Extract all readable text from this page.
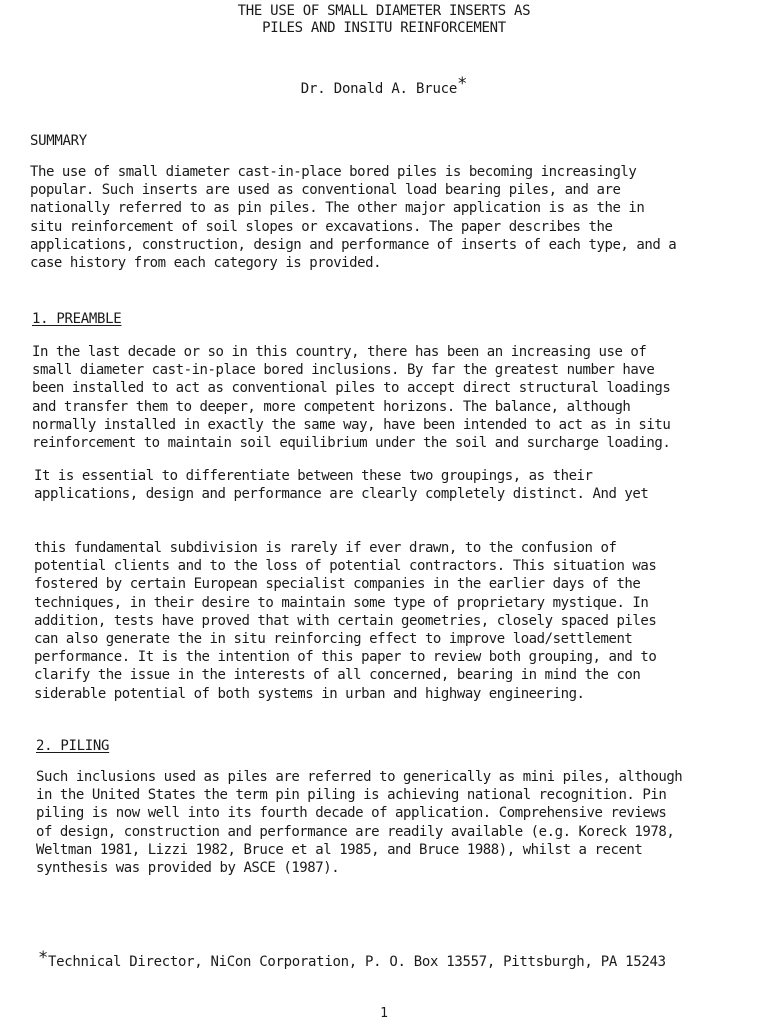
THE USE OF SMALL DIAMETER INSERTS AS
PILES AND INSITU REINFORCEMENT
Dr. Donald A. Bruce*
SUMMARY
The use of small diameter cast-in-place bored piles is becoming increasingly
popular. Such inserts are used as conventional load bearing piles, and are
nationally referred to as pin piles. The other major application is as the in
situ reinforcement of soil slopes or excavations. The paper describes the
applications, construction, design and performance of inserts of each type, and a
case history from each category is provided.
1. PREAMBLE
In the last decade or so in this country, there has been an increasing use of
small diameter cast-in-place bored inclusions. By far the greatest number have
been installed to act as conventional piles to accept direct structural loadings
and transfer them to deeper, more competent horizons. The balance, although
normally installed in exactly the same way, have been intended to act as in situ
reinforcement to maintain soil equilibrium under the soil and surcharge loading.
It is essential to differentiate between these two groupings, as their
applications, design and performance are clearly completely distinct. And yet
this fundamental subdivision is rarely if ever drawn, to the confusion of
potential clients and to the loss of potential contractors. This situation was
fostered by certain European specialist companies in the earlier days of the
techniques, in their desire to maintain some type of proprietary mystique. In
addition, tests have proved that with certain geometries, closely spaced piles
can also generate the in situ reinforcing effect to improve load/settlement
performance. It is the intention of this paper to review both grouping, and to
clarify the issue in the interests of all concerned, bearing in mind the con
siderable potential of both systems in urban and highway engineering.
2. PILING
Such inclusions used as piles are referred to generically as mini piles, although
in the United States the term pin piling is achieving national recognition. Pin
piling is now well into its fourth decade of application. Comprehensive reviews
of design, construction and performance are readily available (e.g. Koreck 1978,
Weltman 1981, Lizzi 1982, Bruce et al 1985, and Bruce 1988), whilst a recent
synthesis was provided by ASCE (1987).
*Technical Director, NiCon Corporation, P. O. Box 13557, Pittsburgh, PA 15243
1
